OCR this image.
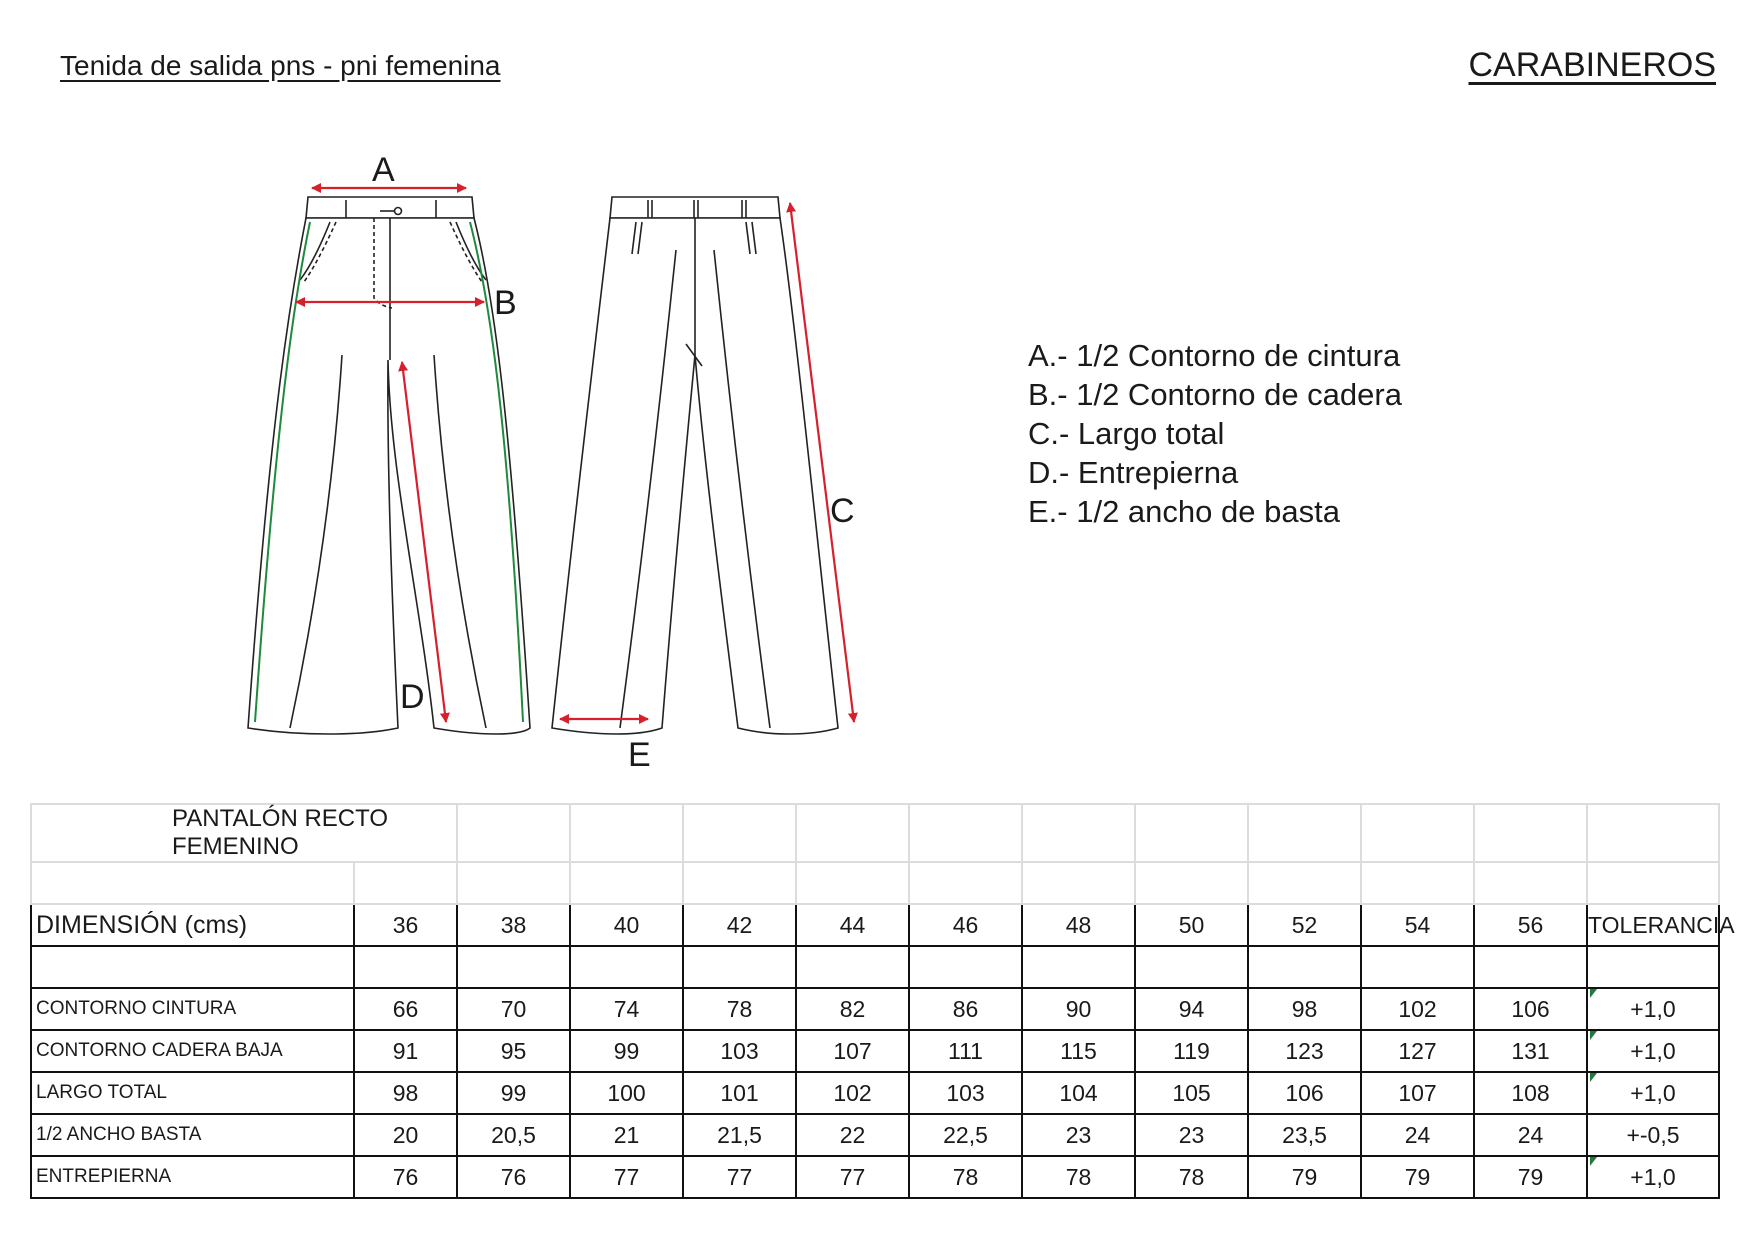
Tenida de salida pns - pni femenina	CARABINEROS
A
B
C
D
E
A.- 1/2 Contorno de cintura
B.- 1/2 Contorno de cadera
C.- Largo total
D.- Entrepierna
E.- 1/2 ancho de basta
PANTALÓN RECTO FEMENINO												

DIMENSIÓN (cms)	36	38	40	42	44	46	48	50	52	54	56	TOLERANCIA

CONTORNO CINTURA	66	70	74	78	82	86	90	94	98	102	106	+1,0
CONTORNO CADERA BAJA	91	95	99	103	107	111	115	119	123	127	131	+1,0
LARGO TOTAL	98	99	100	101	102	103	104	105	106	107	108	+1,0
1/2 ANCHO BASTA	20	20,5	21	21,5	22	22,5	23	23	23,5	24	24	+-0,5
ENTREPIERNA	76	76	77	77	77	78	78	78	79	79	79	+1,0
